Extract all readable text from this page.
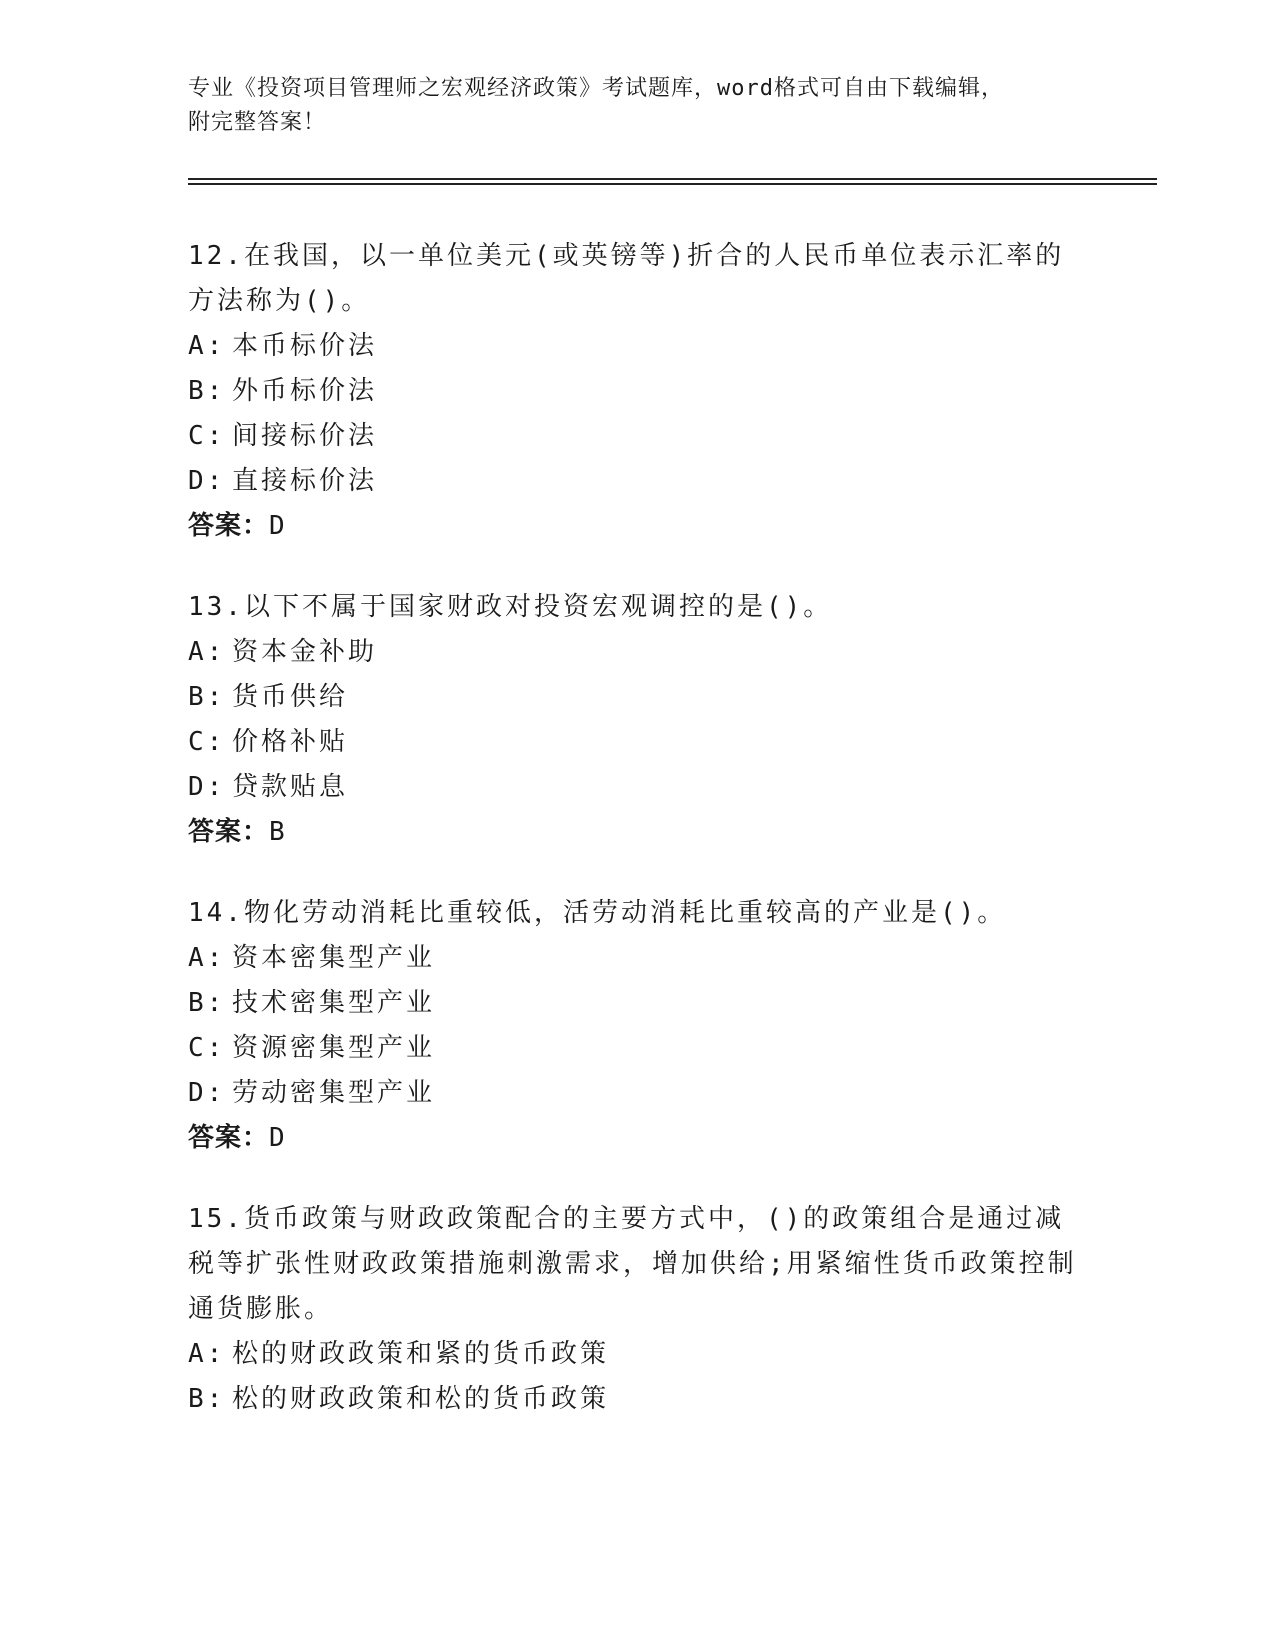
专业《投资项目管理师之宏观经济政策》考试题库，word格式可自由下载编辑，
附完整答案！
12.在我国，以一单位美元(或英镑等)折合的人民币单位表示汇率的方法称为()。
A: 本币标价法
B: 外币标价法
C: 间接标价法
D: 直接标价法
答案：D
13.以下不属于国家财政对投资宏观调控的是()。
A: 资本金补助
B: 货币供给
C: 价格补贴
D: 贷款贴息
答案：B
14.物化劳动消耗比重较低，活劳动消耗比重较高的产业是()。
A: 资本密集型产业
B: 技术密集型产业
C: 资源密集型产业
D: 劳动密集型产业
答案：D
15.货币政策与财政政策配合的主要方式中，()的政策组合是通过减税等扩张性财政政策措施刺激需求，增加供给;用紧缩性货币政策控制通货膨胀。
A: 松的财政政策和紧的货币政策
B: 松的财政政策和松的货币政策
